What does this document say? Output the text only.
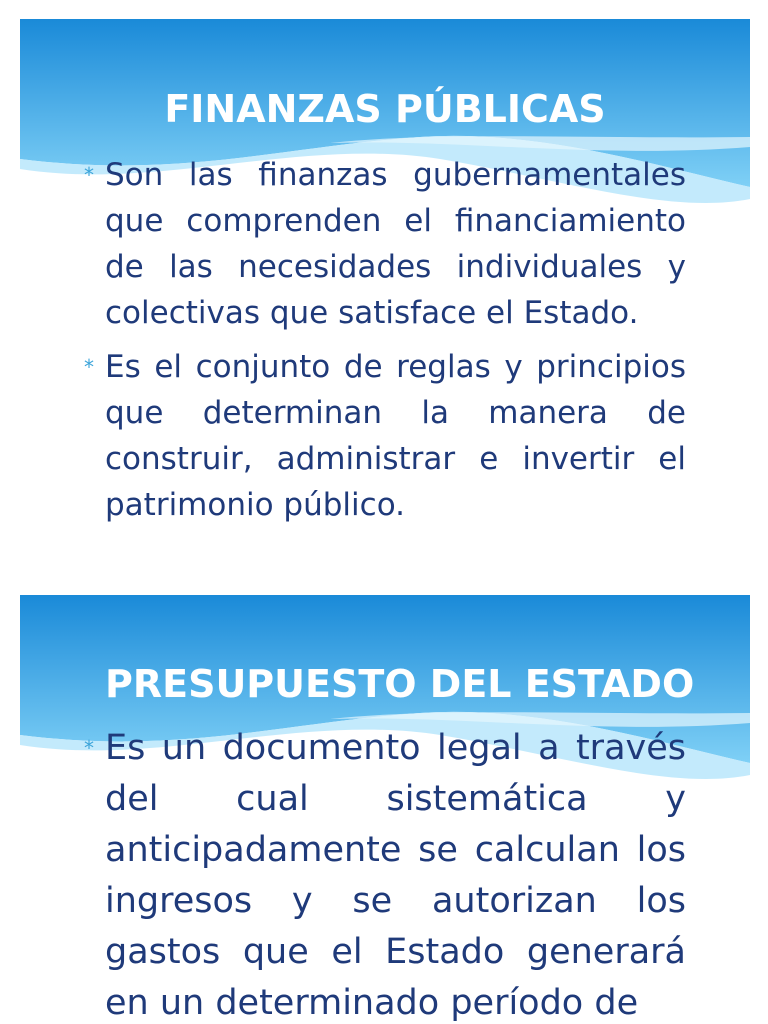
FINANZAS PÚBLICAS
* Son las finanzas gubernamentales que comprenden el financiamiento de las necesidades individuales y colectivas que satisface el Estado.
* Es el conjunto de reglas y principios que determinan la manera de construir, administrar e invertir el patrimonio público.
PRESUPUESTO DEL ESTADO
* Es un documento legal a través del cual sistemática y anticipadamente se calculan los ingresos y se autorizan los gastos que el Estado generará en un determinado período de
